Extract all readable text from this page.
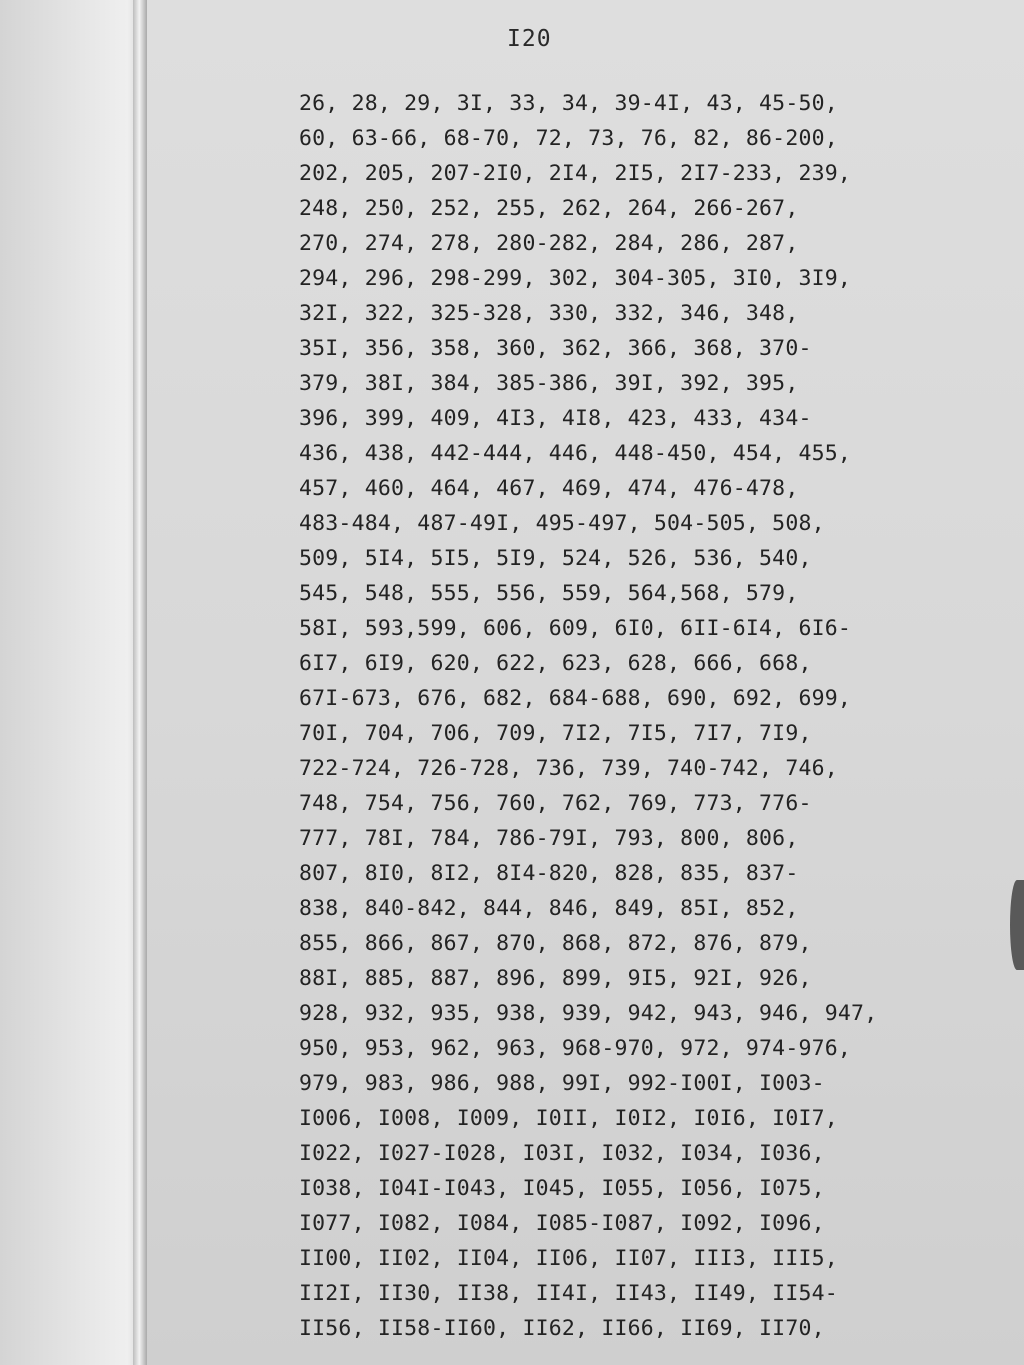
I20
26, 28, 29, 3I, 33, 34, 39-4I, 43, 45-50,
60, 63-66, 68-70, 72, 73, 76, 82, 86-200,
202, 205, 207-2I0, 2I4, 2I5, 2I7-233, 239,
248, 250, 252, 255, 262, 264, 266-267,
270, 274, 278, 280-282, 284, 286, 287,
294, 296, 298-299, 302, 304-305, 3I0, 3I9,
32I, 322, 325-328, 330, 332, 346, 348,
35I, 356, 358, 360, 362, 366, 368, 370-
379, 38I, 384, 385-386, 39I, 392, 395,
396, 399, 409, 4I3, 4I8, 423, 433, 434-
436, 438, 442-444, 446, 448-450, 454, 455,
457, 460, 464, 467, 469, 474, 476-478,
483-484, 487-49I, 495-497, 504-505, 508,
509, 5I4, 5I5, 5I9, 524, 526, 536, 540,
545, 548, 555, 556, 559, 564,568, 579,
58I, 593,599, 606, 609, 6I0, 6II-6I4, 6I6-
6I7, 6I9, 620, 622, 623, 628, 666, 668,
67I-673, 676, 682, 684-688, 690, 692, 699,
70I, 704, 706, 709, 7I2, 7I5, 7I7, 7I9,
722-724, 726-728, 736, 739, 740-742, 746,
748, 754, 756, 760, 762, 769, 773, 776-
777, 78I, 784, 786-79I, 793, 800, 806,
807, 8I0, 8I2, 8I4-820, 828, 835, 837-
838, 840-842, 844, 846, 849, 85I, 852,
855, 866, 867, 870, 868, 872, 876, 879,
88I, 885, 887, 896, 899, 9I5, 92I, 926,
928, 932, 935, 938, 939, 942, 943, 946, 947,
950, 953, 962, 963, 968-970, 972, 974-976,
979, 983, 986, 988, 99I, 992-I00I, I003-
I006, I008, I009, I0II, I0I2, I0I6, I0I7,
I022, I027-I028, I03I, I032, I034, I036,
I038, I04I-I043, I045, I055, I056, I075,
I077, I082, I084, I085-I087, I092, I096,
II00, II02, II04, II06, II07, III3, III5,
II2I, II30, II38, II4I, II43, II49, II54-
II56, II58-II60, II62, II66, II69, II70,
